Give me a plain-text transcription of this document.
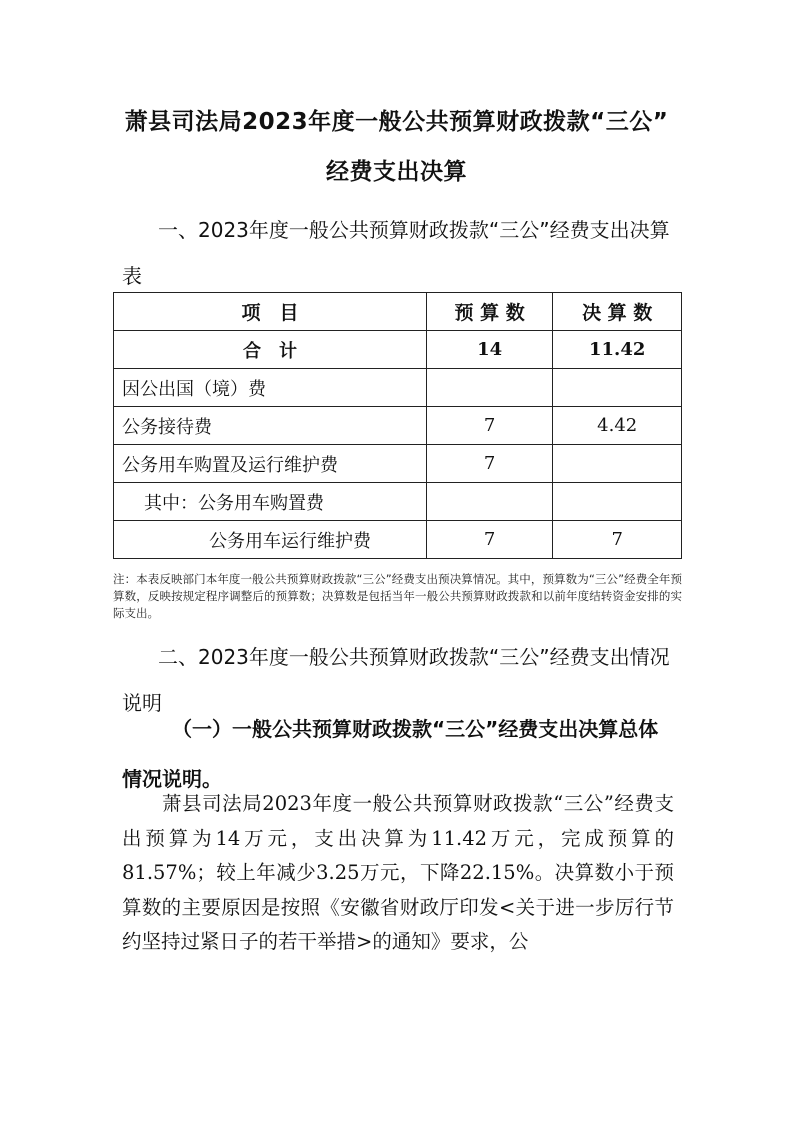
萧县司法局2023年度一般公共预算财政拨款“三公”
经费支出决算
一、2023年度一般公共预算财政拨款“三公”经费支出决算表
项　目	预 算 数	决 算 数
合　计	14	11.42
因公出国（境）费		
公务接待费	7	4.42
公务用车购置及运行维护费	7	
其中：公务用车购置费		
公务用车运行维护费	7	7
注：本表反映部门本年度一般公共预算财政拨款“三公”经费支出预决算情况。其中，预算数为“三公”经费全年预算数，反映按规定程序调整后的预算数；决算数是包括当年一般公共预算财政拨款和以前年度结转资金安排的实际支出。
二、2023年度一般公共预算财政拨款“三公”经费支出情况说明
（一）一般公共预算财政拨款“三公”经费支出决算总体情况说明。
萧县司法局2023年度一般公共预算财政拨款“三公”经费支出预算为14万元，支出决算为11.42万元，完成预算的81.57%；较上年减少3.25万元，下降22.15%。决算数小于预算数的主要原因是按照《安徽省财政厅印发<关于进一步厉行节约坚持过紧日子的若干举措>的通知》要求，公
